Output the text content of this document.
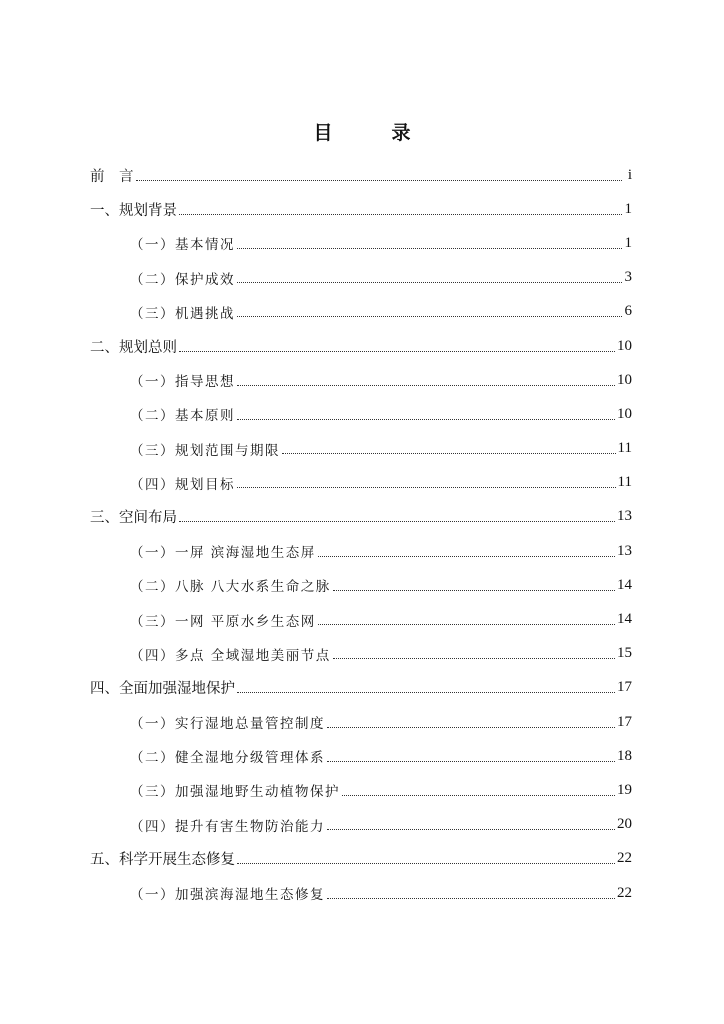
目　录
前　言	i
一、规划背景	1
（一）基本情况	1
（二）保护成效	3
（三）机遇挑战	6
二、规划总则	10
（一）指导思想	10
（二）基本原则	10
（三）规划范围与期限	11
（四）规划目标	11
三、空间布局	13
（一）一屏 滨海湿地生态屏	13
（二）八脉 八大水系生命之脉	14
（三）一网 平原水乡生态网	14
（四）多点 全域湿地美丽节点	15
四、全面加强湿地保护	17
（一）实行湿地总量管控制度	17
（二）健全湿地分级管理体系	18
（三）加强湿地野生动植物保护	19
（四）提升有害生物防治能力	20
五、科学开展生态修复	22
（一）加强滨海湿地生态修复	22
